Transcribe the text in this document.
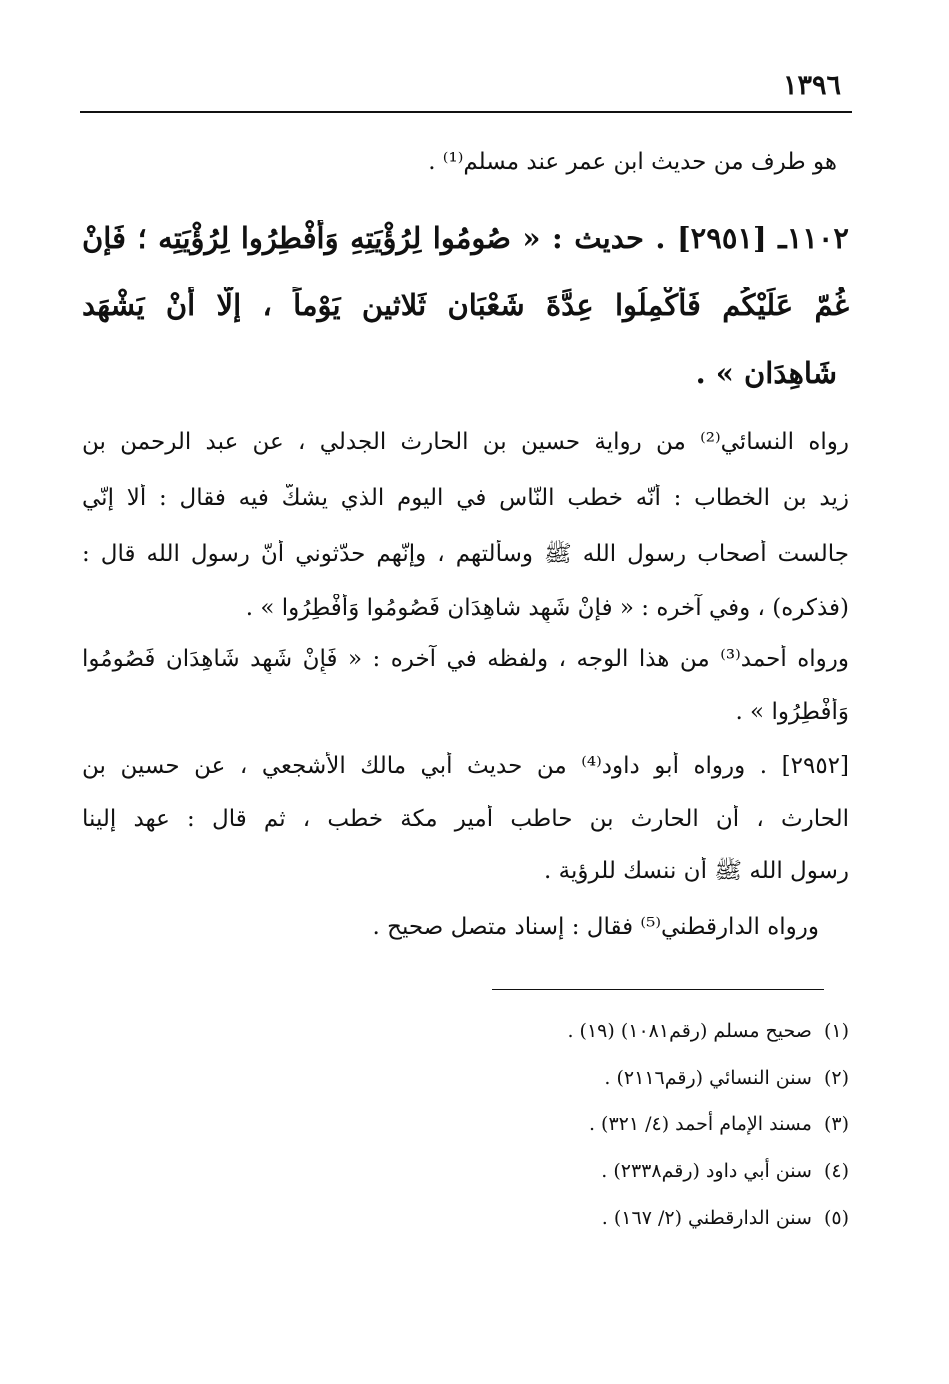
١٣٩٦
هو طرف من حديث ابن عمر عند مسلم⁽¹⁾ .
١١٠٢ـ [٢٩٥١] . حديث : « صُومُوا لِرُؤْيَتِهِ وَأَفْطِرُوا لِرُؤْيَتِه ؛ فَإِنْ
غُمّ عَلَيْكُم فَأَكْمِلُوا عِدَّةَ شَعْبَان ثَلاثين يَوْماً ، إِلَّا أَنْ يَشْهَد
شَاهِدَان » .
رواه النسائي⁽²⁾ من رواية حسين بن الحارث الجدلي ، عن عبد الرحمن بن
زيد بن الخطاب : أنّه خطب النّاس في اليوم الذي يشكّ فيه فقال : ألا إنّي
جالست أصحاب رسول الله ﷺ وسألتهم ، وإنّهم حدّثوني أنّ رسول الله قال :
(فذكره) ، وفي آخره : « فإنْ شَهِد شاهِدَان فَصُومُوا وَأَفْطِرُوا » .
ورواه أحمد⁽³⁾ من هذا الوجه ، ولفظه في آخره : « فَإِنْ شَهِد شَاهِدَان فَصُومُوا
وَأَفْطِرُوا » .
[٢٩٥٢] . ورواه أبو داود⁽⁴⁾ من حديث أبي مالك الأشجعي ، عن حسين بن
الحارث ، أن الحارث بن حاطب أمير مكة خطب ، ثم قال : عهد إلينا
رسول الله ﷺ أن ننسك للرؤية .
ورواه الدارقطني⁽⁵⁾ فقال : إسناد متصل صحيح .
(١)صحيح مسلم (رقم١٠٨١) (١٩) .
(٢)سنن النسائي (رقم٢١١٦) .
(٣)مسند الإمام أحمد (٤/ ٣٢١) .
(٤)سنن أبي داود (رقم٢٣٣٨) .
(٥)سنن الدارقطني (٢/ ١٦٧) .
